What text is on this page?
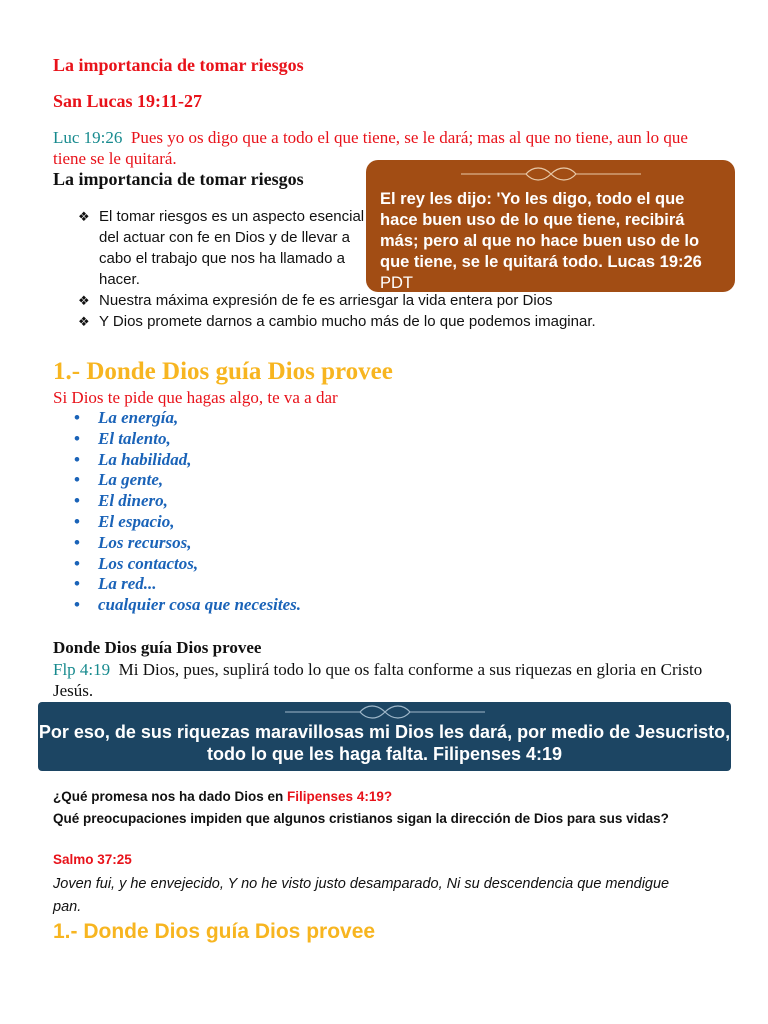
La importancia de tomar riesgos
San Lucas 19:11-27
Luc 19:26 Pues yo os digo que a todo el que tiene, se le dará; mas al que no tiene, aun lo que tiene se le quitará.
La importancia de tomar riesgos
❖ El tomar riesgos es un aspecto esencial del actuar con fe en Dios y de llevar a cabo el trabajo que nos ha llamado a hacer.
❖ Nuestra máxima expresión de fe es arriesgar la vida entera por Dios
❖ Y Dios promete darnos a cambio mucho más de lo que podemos imaginar.
El rey les dijo: 'Yo les digo, todo el que hace buen uso de lo que tiene, recibirá más; pero al que no hace buen uso de lo que tiene, se le quitará todo. Lucas 19:26 PDT
1.- Donde Dios guía Dios provee
Si Dios te pide que hagas algo, te va a dar
• La energía,
• El talento,
• La habilidad,
• La gente,
• El dinero,
• El espacio,
• Los recursos,
• Los contactos,
• La red...
• cualquier cosa que necesites.
Donde Dios guía Dios provee
Flp 4:19 Mi Dios, pues, suplirá todo lo que os falta conforme a sus riquezas en gloria en Cristo Jesús.
Por eso, de sus riquezas maravillosas mi Dios les dará, por medio de Jesucristo, todo lo que les haga falta. Filipenses 4:19
¿Qué promesa nos ha dado Dios en Filipenses 4:19?
Qué preocupaciones impiden que algunos cristianos sigan la dirección de Dios para sus vidas?
Salmo 37:25
Joven fui, y he envejecido, Y no he visto justo desamparado, Ni su descendencia que mendigue pan.
1.- Donde Dios guía Dios provee
